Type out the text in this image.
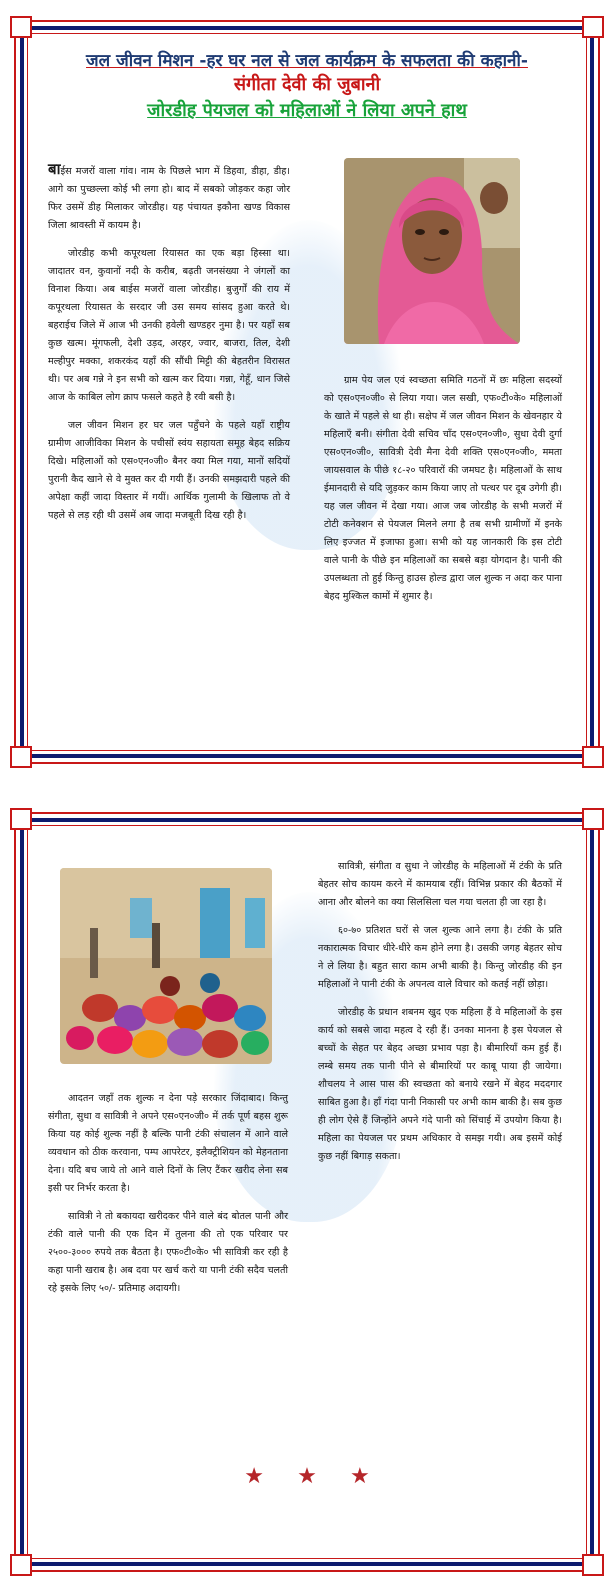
जल जीवन मिशन -हर घर नल से जल कार्यक्रम के सफलता की कहानी-
संगीता देवी की जुबानी
जोरडीह पेयजल को महिलाओं ने लिया अपने हाथ

बाईस मजरों वाला गांव। नाम के पिछले भाग में डिहवा, डीहा, डीह। आगे का पुच्छल्ला कोई भी लगा हो। बाद में सबको जोड़कर कहा जोर फिर उसमें डीह मिलाकर जोरडीह। यह पंचायत इकौना खण्ड विकास जिला श्रावस्ती में कायम है।

जोरडीह कभी कपूरथला रियासत का एक बड़ा हिस्सा था। जादातर वन, कुवानों नदी के करीब, बढ़ती जनसंख्या ने जंगलों का विनाश किया। अब बाईस मजरों वाला जोरडीह। बुजुर्गों की राय में कपूरथला रियासत के सरदार जी उस समय सांसद हुआ करते थे। बहराईच जिले में आज भी उनकी हवेली खण्डहर नुमा है। पर यहाँ सब कुछ खत्म। मूंगफली, देशी उड़द, अरहर, ज्वार, बाजरा, तिल, देशी मल्हीपुर मक्का, शकरकंद यहाँ की सौंधी मिट्टी की बेहतरीन विरासत थी। पर अब गन्ने ने इन सभी को खत्म कर दिया। गन्ना, गेहूँ, धान जिसे आज के काबिल लोग क्राप फसले कहते है रवी बसी है।

जल जीवन मिशन हर घर जल पहुँचने के पहले यहाँ राष्ट्रीय ग्रामीण आजीविका मिशन के पचीसों स्वंय सहायता समूह बेहद सक्रिय दिखे। महिलाओं को एस०एन०जी० बैनर क्या मिल गया, मानों सदियों पुरानी कैद खाने से वे मुक्त कर दी गयी हैं। उनकी समझदारी पहले की अपेक्षा कहीं जादा विस्तार में गयीं। आर्थिक गुलामी के खिलाफ तो वे पहले से लड़ रही थी उसमें अब जादा मजबूती दिख रही है।

ग्राम पेय जल एवं स्वच्छता समिति गठनों में छः महिला सदस्यों को एस०एन०जी० से लिया गया। जल सखी, एफ०टी०के० महिलाओं के खाते में पहले से था ही। सक्षेप में जल जीवन मिशन के खेवनहार ये महिलाएँ बनी। संगीता देवी सचिव चाँद एस०एन०जी०, सुधा देवी दुर्गा एस०एन०जी०, सावित्री देवी मैना देवी शक्ति एस०एन०जी०, ममता जायसवाल के पीछे १८-२० परिवारों की जमघट है। महिलाओं के साथ ईमानदारी से यदि जुड़कर काम किया जाए तो पत्थर पर दूब उगेगी ही। यह जल जीवन में देखा गया। आज जब जोरडीह के सभी मजरों में टोटी कनेक्शन से पेयजल मिलने लगा है तब सभी ग्रामीणों में इनके लिए इज्जत में इजाफा हुआ। सभी को यह जानकारी कि इस टोटी वाले पानी के पीछे इन महिलाओं का सबसे बड़ा योगदान है। पानी की उपलब्धता तो हुई किन्तु हाउस होल्ड द्वारा जल शुल्क न अदा कर पाना बेहद मुश्किल कामों में शुमार है।

आदतन जहाँ तक शुल्क न देना पड़े सरकार जिंदाबाद। किन्तु संगीता, सुधा व सावित्री ने अपने एस०एन०जी० में तर्क पूर्ण बहस शुरू किया यह कोई शुल्क नहीं है बल्कि पानी टंकी संचालन में आने वाले व्यवधान को ठीक करवाना, पम्प आपरेटर, इलैक्ट्रीशियन को मेहनताना देना। यदि बच जाये तो आने वाले दिनों के लिए टैंकर खरीद लेना सब इसी पर निर्भर करता है।

सावित्री ने तो बकायदा खरीदकर पीने वाले बंद बोतल पानी और टंकी वाले पानी की एक दिन में तुलना की तो एक परिवार पर २५००-३००० रुपये तक बैठता है। एफ०टी०के० भी सावित्री कर रही है कहा पानी खराब है। अब दवा पर खर्च करो या पानी टंकी सदैव चलती रहे इसके लिए ५०/- प्रतिमाह अदायगी।

सावित्री, संगीता व सुधा ने जोरडीह के महिलाओं में टंकी के प्रति बेहतर सोच कायम करने में कामयाब रहीं। विभिन्न प्रकार की बैठकों में आना और बोलने का क्या सिलसिला चल गया चलता ही जा रहा है।

६०-७० प्रतिशत घरों से जल शुल्क आने लगा है। टंकी के प्रति नकारात्मक विचार धीरे-धीरे कम होने लगा है। उसकी जगह बेहतर सोच ने ले लिया है। बहुत सारा काम अभी बाकी है। किन्तु जोरडीह की इन महिलाओं ने पानी टंकी के अपनत्व वाले विचार को कतई नहीं छोड़ा।

जोरडीह के प्रधान शबनम खुद एक महिला हैं वे महिलाओं के इस कार्य को सबसे जादा महत्व दे रही हैं। उनका मानना है इस पेयजल से बच्चों के सेहत पर बेहद अच्छा प्रभाव पड़ा है। बीमारियाँ कम हुई हैं। लम्बे समय तक पानी पीने से बीमारियों पर काबू पाया ही जायेगा। शौचलय ने आस पास की स्वच्छता को बनाये रखने में बेहद मददगार साबित हुआ है। हाँ गंदा पानी निकासी पर अभी काम बाकी है। सब कुछ ही लोग ऐसे हैं जिन्होंने अपने गंदे पानी को सिंचाई में उपयोग किया है। महिला का पेयजल पर प्रथम अधिकार वे समझ गयी। अब इसमें कोई कुछ नहीं बिगाड़ सकता।

★ ★ ★
